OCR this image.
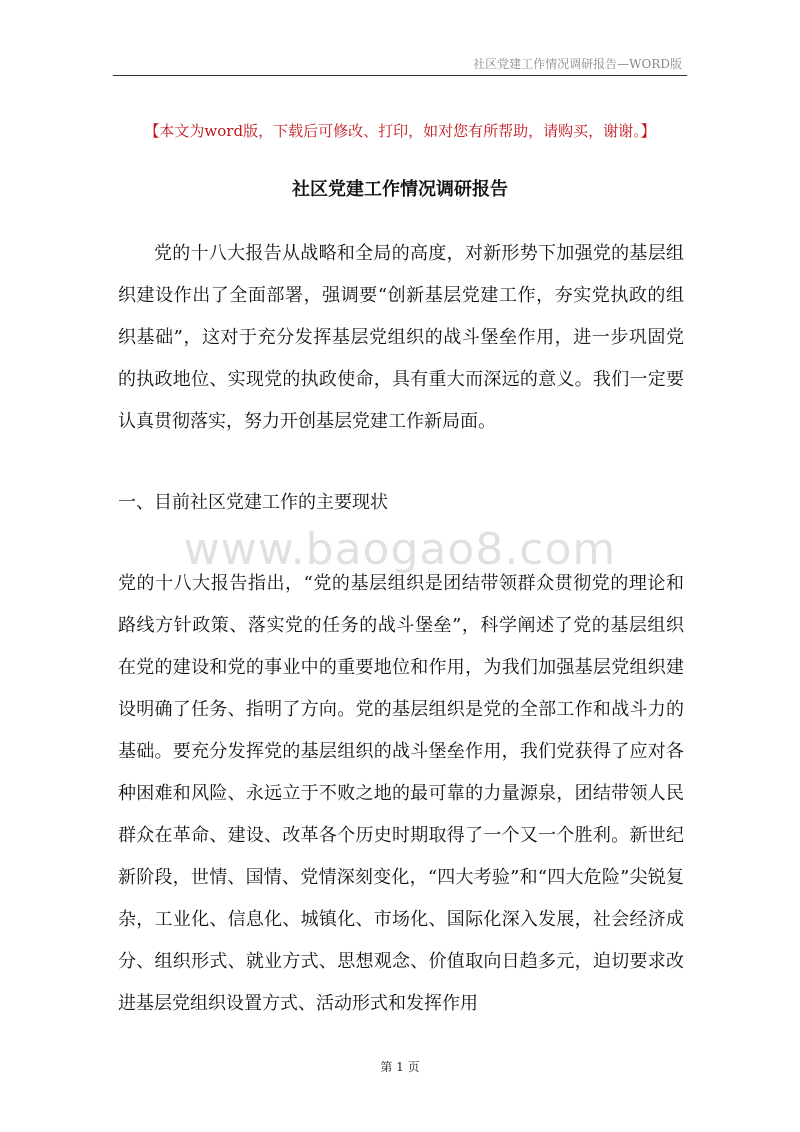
社区党建工作情况调研报告—WORD版
【本文为word版，下载后可修改、打印，如对您有所帮助，请购买，谢谢。】
社区党建工作情况调研报告

党的十八大报告从战略和全局的高度，对新形势下加强党的基层组织建设作出了全面部署，强调要“创新基层党建工作，夯实党执政的组织基础”，这对于充分发挥基层党组织的战斗堡垒作用，进一步巩固党的执政地位、实现党的执政使命，具有重大而深远的意义。我们一定要认真贯彻落实，努力开创基层党建工作新局面。

一、目前社区党建工作的主要现状

www.baogao8.com

党的十八大报告指出，“党的基层组织是团结带领群众贯彻党的理论和路线方针政策、落实党的任务的战斗堡垒”，科学阐述了党的基层组织在党的建设和党的事业中的重要地位和作用，为我们加强基层党组织建设明确了任务、指明了方向。党的基层组织是党的全部工作和战斗力的基础。要充分发挥党的基层组织的战斗堡垒作用，我们党获得了应对各种困难和风险、永远立于不败之地的最可靠的力量源泉，团结带领人民群众在革命、建设、改革各个历史时期取得了一个又一个胜利。新世纪新阶段，世情、国情、党情深刻变化，“四大考验”和“四大危险”尖锐复杂，工业化、信息化、城镇化、市场化、国际化深入发展，社会经济成分、组织形式、就业方式、思想观念、价值取向日趋多元，迫切要求改进基层党组织设置方式、活动形式和发挥作用

第 1 页
